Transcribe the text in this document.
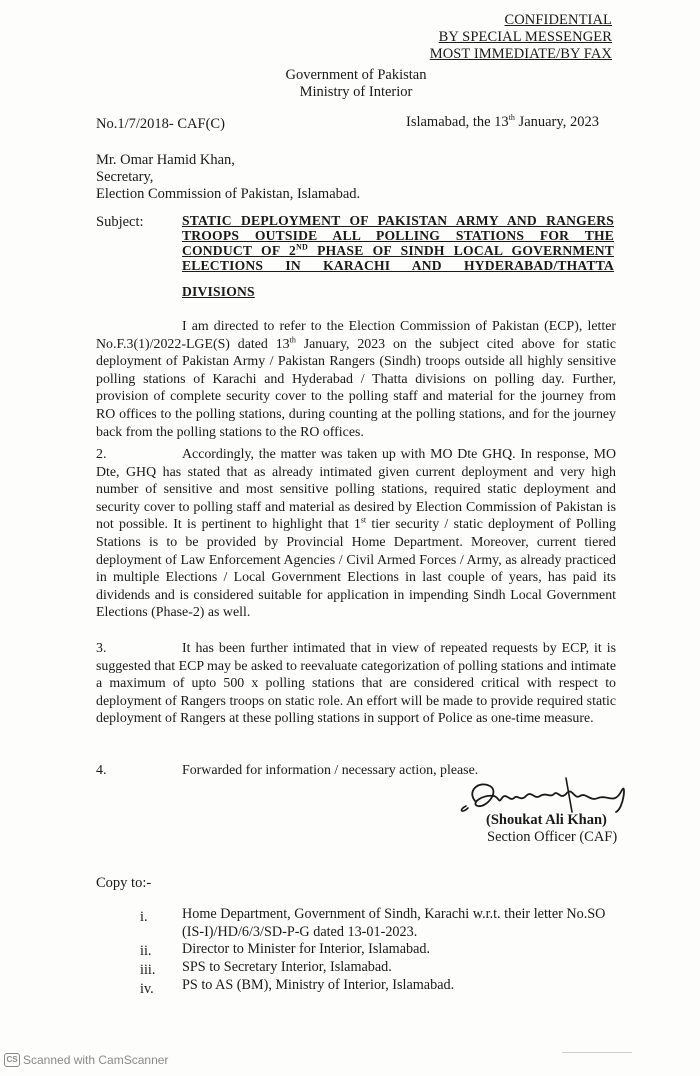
CONFIDENTIAL
BY SPECIAL MESSENGER
MOST IMMEDIATE/BY FAX
Government of Pakistan
Ministry of Interior
No.1/7/2018- CAF(C)	Islamabad, the 13th January, 2023
Mr. Omar Hamid Khan,
Secretary,
Election Commission of Pakistan, Islamabad.
Subject:	STATIC DEPLOYMENT OF PAKISTAN ARMY AND RANGERS
TROOPS OUTSIDE ALL POLLING STATIONS FOR THE
CONDUCT OF 2ND PHASE OF SINDH LOCAL GOVERNMENT
ELECTIONS IN KARACHI AND HYDERABAD/THATTA
DIVISIONS
I am directed to refer to the Election Commission of Pakistan (ECP), letter No.F.3(1)/2022-LGE(S) dated 13th January, 2023 on the subject cited above for static deployment of Pakistan Army / Pakistan Rangers (Sindh) troops outside all highly sensitive polling stations of Karachi and Hyderabad / Thatta divisions on polling day. Further, provision of complete security cover to the polling staff and material for the journey from RO offices to the polling stations, during counting at the polling stations, and for the journey back from the polling stations to the RO offices.
2.	Accordingly, the matter was taken up with MO Dte GHQ. In response, MO Dte, GHQ has stated that as already intimated given current deployment and very high number of sensitive and most sensitive polling stations, required static deployment and security cover to polling staff and material as desired by Election Commission of Pakistan is not possible. It is pertinent to highlight that 1st tier security / static deployment of Polling Stations is to be provided by Provincial Home Department. Moreover, current tiered deployment of Law Enforcement Agencies / Civil Armed Forces / Army, as already practiced in multiple Elections / Local Government Elections in last couple of years, has paid its dividends and is considered suitable for application in impending Sindh Local Government Elections (Phase-2) as well.
3.	It has been further intimated that in view of repeated requests by ECP, it is suggested that ECP may be asked to reevaluate categorization of polling stations and intimate a maximum of upto 500 x polling stations that are considered critical with respect to deployment of Rangers troops on static role. An effort will be made to provide required static deployment of Rangers at these polling stations in support of Police as one-time measure.
4.	Forwarded for information / necessary action, please.
(Shoukat Ali Khan)
Section Officer (CAF)
Copy to:-
i. Home Department, Government of Sindh, Karachi w.r.t. their letter No.SO (IS-I)/HD/6/3/SD-P-G dated 13-01-2023.
ii. Director to Minister for Interior, Islamabad.
iii. SPS to Secretary Interior, Islamabad.
iv. PS to AS (BM), Ministry of Interior, Islamabad.
CS Scanned with CamScanner
